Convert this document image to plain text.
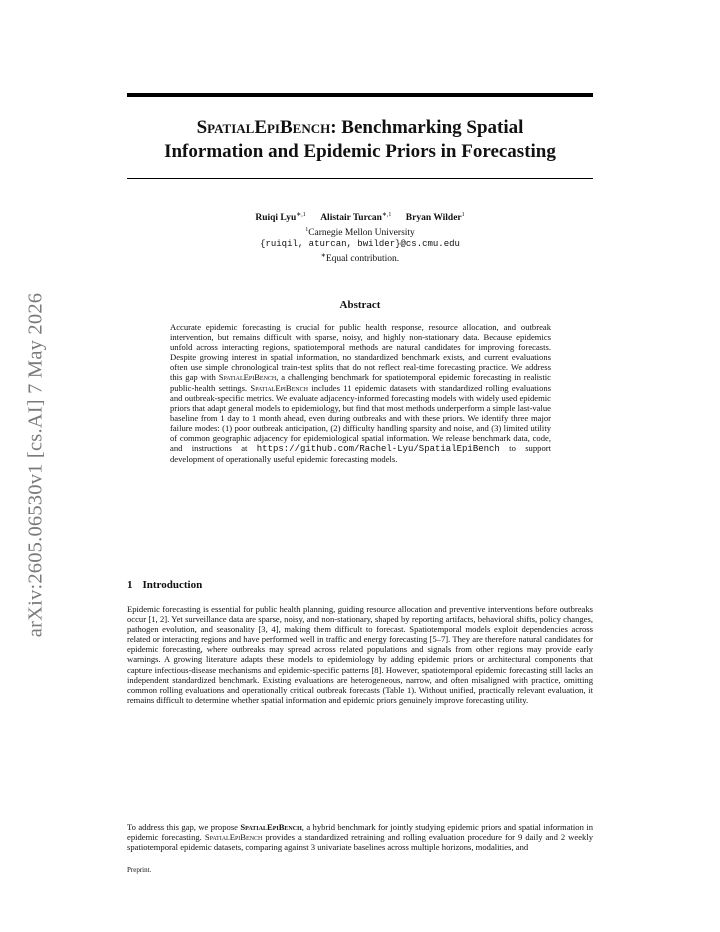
arXiv:2605.06530v1 [cs.AI] 7 May 2026
SpatialEpiBench: Benchmarking Spatial
Information and Epidemic Priors in Forecasting
Ruiqi Lyu$^{∗,1}$ Alistair Turcan$^{∗,1}$ Bryan Wilder$^1$
$^1$Carnegie Mellon University
{ruiqil, aturcan, bwilder}@cs.cmu.edu
∗Equal contribution.
Abstract
Accurate epidemic forecasting is crucial for public health response, resource allocation, and outbreak intervention, but remains difficult with sparse, noisy, and highly non-stationary data. Because epidemics unfold across interacting regions, spatiotemporal methods are natural candidates for improving forecasts. Despite growing interest in spatial information, no standardized benchmark exists, and current evaluations often use simple chronological train-test splits that do not reflect real-time forecasting practice. We address this gap with SpatialEpiBench, a challenging benchmark for spatiotemporal epidemic forecasting in realistic public-health settings. SpatialEpiBench includes 11 epidemic datasets with standardized rolling evaluations and outbreak-specific metrics. We evaluate adjacency-informed forecasting models with widely used epidemic priors that adapt general models to epidemiology, but find that most methods underperform a simple last-value baseline from 1 day to 1 month ahead, even during outbreaks and with these priors. We identify three major failure modes: (1) poor outbreak anticipation, (2) difficulty handling sparsity and noise, and (3) limited utility of common geographic adjacency for epidemiological spatial information. We release benchmark data, code, and instructions at https://github.com/Rachel-Lyu/SpatialEpiBench to support development of operationally useful epidemic forecasting models.
1 Introduction
Epidemic forecasting is essential for public health planning, guiding resource allocation and preventive interventions before outbreaks occur [1, 2]. Yet surveillance data are sparse, noisy, and non-stationary, shaped by reporting artifacts, behavioral shifts, policy changes, pathogen evolution, and seasonality [3, 4], making them difficult to forecast. Spatiotemporal models exploit dependencies across related or interacting regions and have performed well in traffic and energy forecasting [5–7]. They are therefore natural candidates for epidemic forecasting, where outbreaks may spread across related populations and signals from other regions may provide early warnings. A growing literature adapts these models to epidemiology by adding epidemic priors or architectural components that capture infectious-disease mechanisms and epidemic-specific patterns [8]. However, spatiotemporal epidemic forecasting still lacks an independent standardized benchmark. Existing evaluations are heterogeneous, narrow, and often misaligned with practice, omitting common rolling evaluations and operationally critical outbreak forecasts (Table 1). Without unified, practically relevant evaluation, it remains difficult to determine whether spatial information and epidemic priors genuinely improve forecasting utility.
To address this gap, we propose SpatialEpiBench, a hybrid benchmark for jointly studying epidemic priors and spatial information in epidemic forecasting. SpatialEpiBench provides a standardized retraining and rolling evaluation procedure for 9 daily and 2 weekly spatiotemporal epidemic datasets, comparing against 3 univariate baselines across multiple horizons, modalities, and
Preprint.
